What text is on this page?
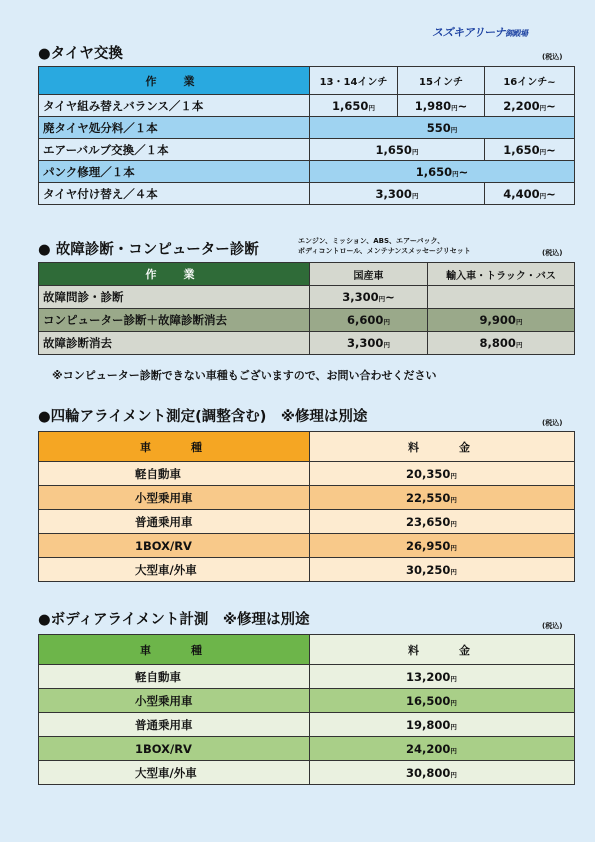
スズキアリーナ御殿場
●タイヤ交換	(税込)
作　業	13・14インチ	15インチ	16インチ~
タイヤ組み替えバランス／１本	1,650円	1,980円~	2,200円~
廃タイヤ処分料／１本	550円		
エアーバルブ交換／１本	1,650円		1,650円~
パンク修理／１本	1,650円~		
タイヤ付け替え／４本	3,300円		4,400円~
● 故障診断・コンピューター診断
エンジン、ミッション、ABS、エアーバック、
ボディコントロール、メンテナンスメッセージリセット	(税込)
作　業	国産車	輸入車・トラック・バス
故障問診・診断	3,300円~	
コンピューター診断＋故障診断消去	6,600円	9,900円
故障診断消去	3,300円	8,800円
※コンピューター診断できない車種もございますので、お問い合わせください
●四輪アライメント測定(調整含む)　※修理は別途	(税込)
車　　種	料　　金
軽自動車	20,350円
小型乗用車	22,550円
普通乗用車	23,650円
1BOX/RV	26,950円
大型車/外車	30,250円
●ボディアライメント計測　※修理は別途	(税込)
車　　種	料　　金
軽自動車	13,200円
小型乗用車	16,500円
普通乗用車	19,800円
1BOX/RV	24,200円
大型車/外車	30,800円
